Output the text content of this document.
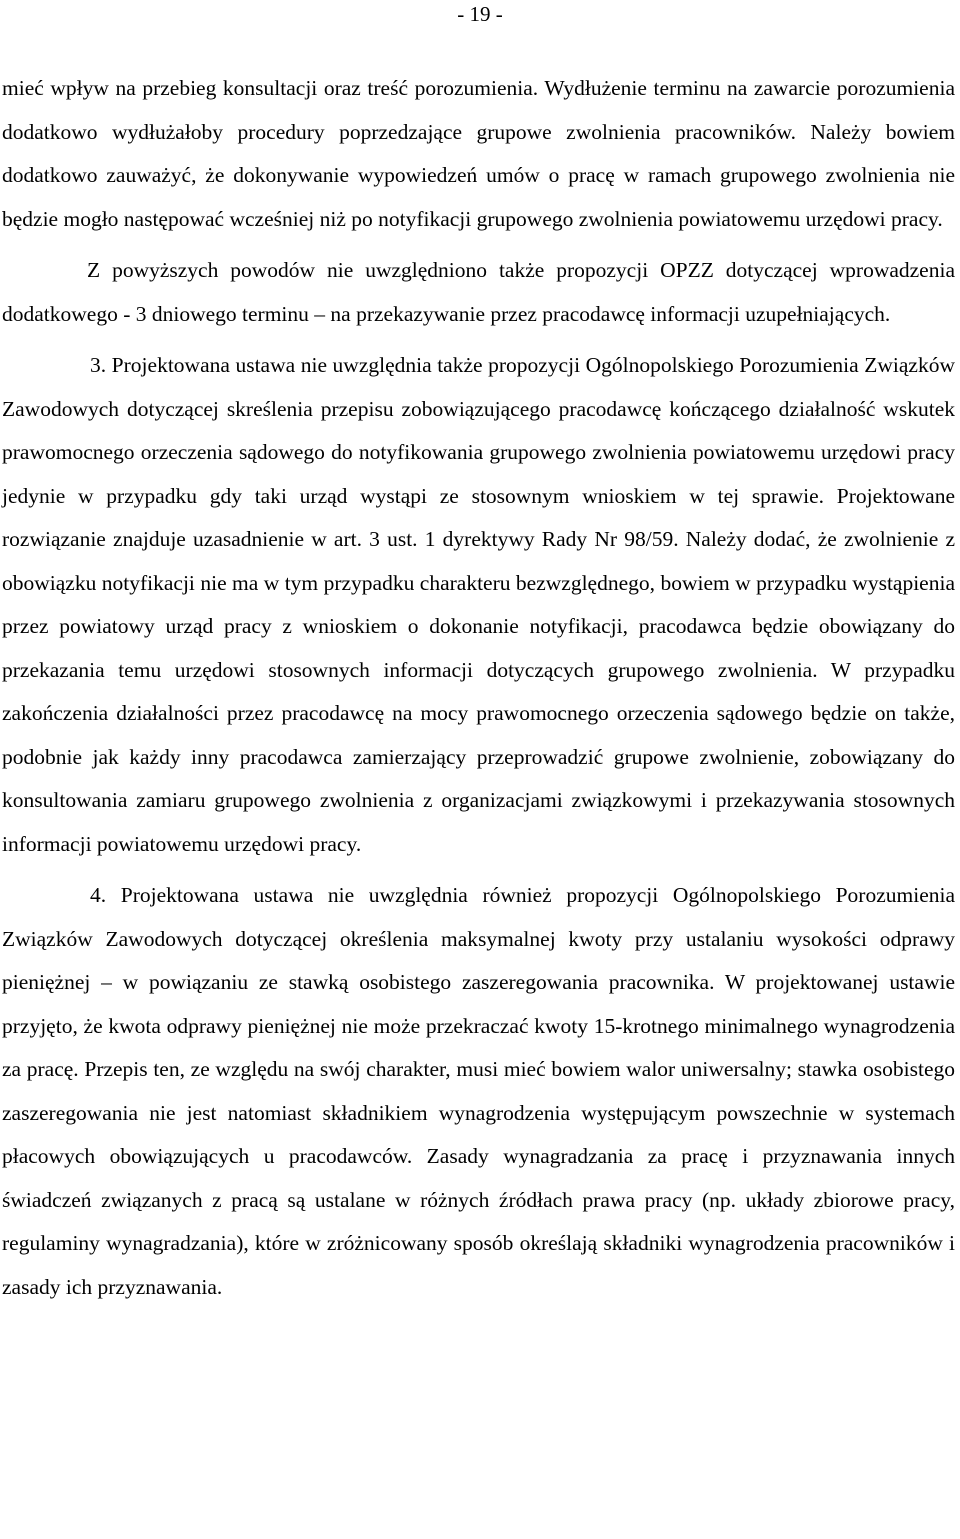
- 19 -

mieć wpływ na przebieg konsultacji oraz treść porozumienia. Wydłużenie terminu na zawarcie porozumienia dodatkowo wydłużałoby procedury poprzedzające grupowe zwolnienia pracowników. Należy bowiem dodatkowo zauważyć, że dokonywanie wypowiedzeń umów o pracę w ramach grupowego zwolnienia nie będzie mogło następować wcześniej niż po notyfikacji grupowego zwolnienia powiatowemu urzędowi pracy.

Z powyższych powodów nie uwzględniono także propozycji OPZZ dotyczącej wprowadzenia dodatkowego - 3 dniowego terminu – na przekazywanie przez pracodawcę informacji uzupełniających.

3. Projektowana ustawa nie uwzględnia także propozycji Ogólnopolskiego Porozumienia Związków Zawodowych dotyczącej skreślenia przepisu zobowiązującego pracodawcę kończącego działalność wskutek prawomocnego orzeczenia sądowego do notyfikowania grupowego zwolnienia powiatowemu urzędowi pracy jedynie w przypadku gdy taki urząd wystąpi ze stosownym wnioskiem w tej sprawie. Projektowane rozwiązanie znajduje uzasadnienie w art. 3 ust. 1 dyrektywy Rady Nr 98/59. Należy dodać, że zwolnienie z obowiązku notyfikacji nie ma w tym przypadku charakteru bezwzględnego, bowiem w przypadku wystąpienia przez powiatowy urząd pracy z wnioskiem o dokonanie notyfikacji, pracodawca będzie obowiązany do przekazania temu urzędowi stosownych informacji dotyczących grupowego zwolnienia. W przypadku zakończenia działalności przez pracodawcę na mocy prawomocnego orzeczenia sądowego będzie on także, podobnie jak każdy inny pracodawca zamierzający przeprowadzić grupowe zwolnienie, zobowiązany do konsultowania zamiaru grupowego zwolnienia z organizacjami związkowymi i przekazywania stosownych informacji powiatowemu urzędowi pracy.

4. Projektowana ustawa nie uwzględnia również propozycji Ogólnopolskiego Porozumienia Związków Zawodowych dotyczącej określenia maksymalnej kwoty przy ustalaniu wysokości odprawy pieniężnej – w powiązaniu ze stawką osobistego zaszeregowania pracownika. W projektowanej ustawie przyjęto, że kwota odprawy pieniężnej nie może przekraczać kwoty 15-krotnego minimalnego wynagrodzenia za pracę. Przepis ten, ze względu na swój charakter, musi mieć bowiem walor uniwersalny; stawka osobistego zaszeregowania nie jest natomiast składnikiem wynagrodzenia występującym powszechnie w systemach płacowych obowiązujących u pracodawców. Zasady wynagradzania za pracę i przyznawania innych świadczeń związanych z pracą są ustalane w różnych źródłach prawa pracy (np. układy zbiorowe pracy, regulaminy wynagradzania), które w zróżnicowany sposób określają składniki wynagrodzenia pracowników i zasady ich przyznawania.
